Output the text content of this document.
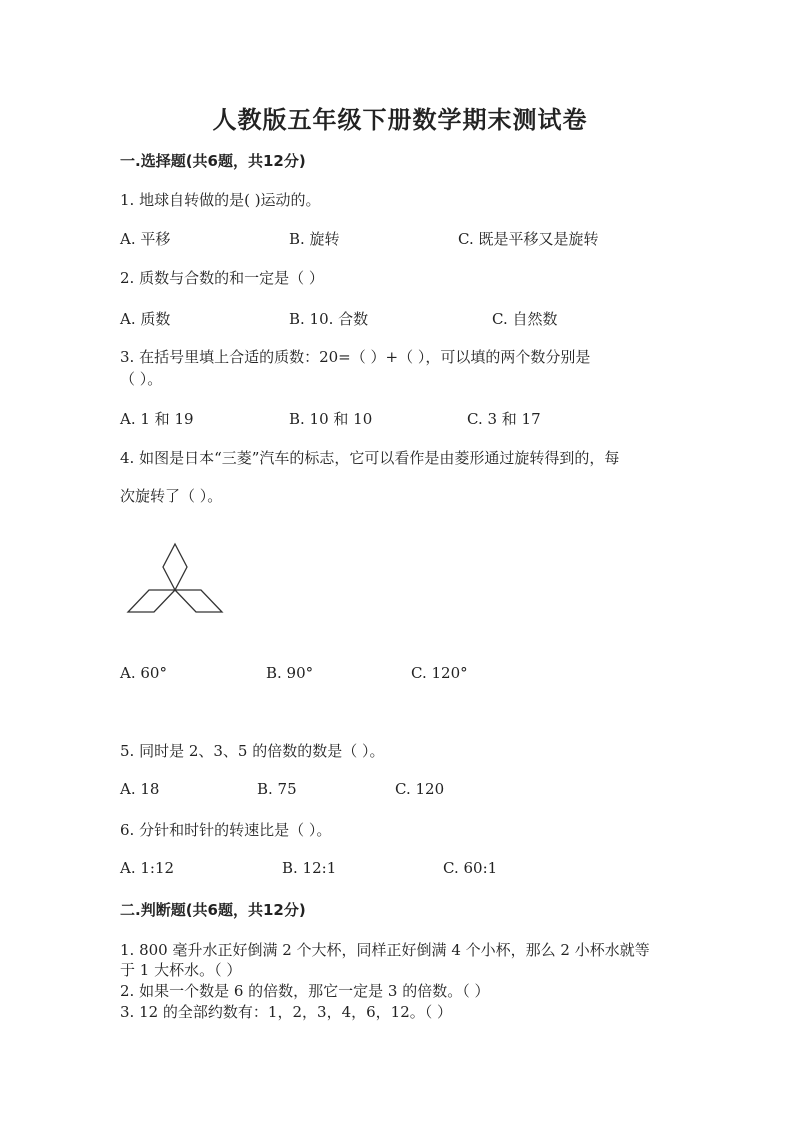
人教版五年级下册数学期末测试卷
一.选择题(共6题，共12分)
1. 地球自转做的是( )运动的。
A. 平移	B. 旋转	C. 既是平移又是旋转
2. 质数与合数的和一定是（ ）
A. 质数	B. 10. 合数	C. 自然数
3. 在括号里填上合适的质数：20=（ ）+（ ），可以填的两个数分别是
（ ）。
A. 1 和 19	B. 10 和 10	C. 3 和 17
4. 如图是日本“三菱”汽车的标志，它可以看作是由菱形通过旋转得到的，每
次旋转了（ ）。
A. 60°	B. 90°	C. 120°
5. 同时是 2、3、5 的倍数的数是（ ）。
A. 18	B. 75	C. 120
6. 分针和时针的转速比是（ ）。
A. 1:12	B. 12:1	C. 60:1
二.判断题(共6题，共12分)
1. 800 毫升水正好倒满 2 个大杯，同样正好倒满 4 个小杯，那么 2 小杯水就等
于 1 大杯水。（ ）
2. 如果一个数是 6 的倍数，那它一定是 3 的倍数。（ ）
3. 12 的全部约数有：1，2，3，4，6，12。（ ）
